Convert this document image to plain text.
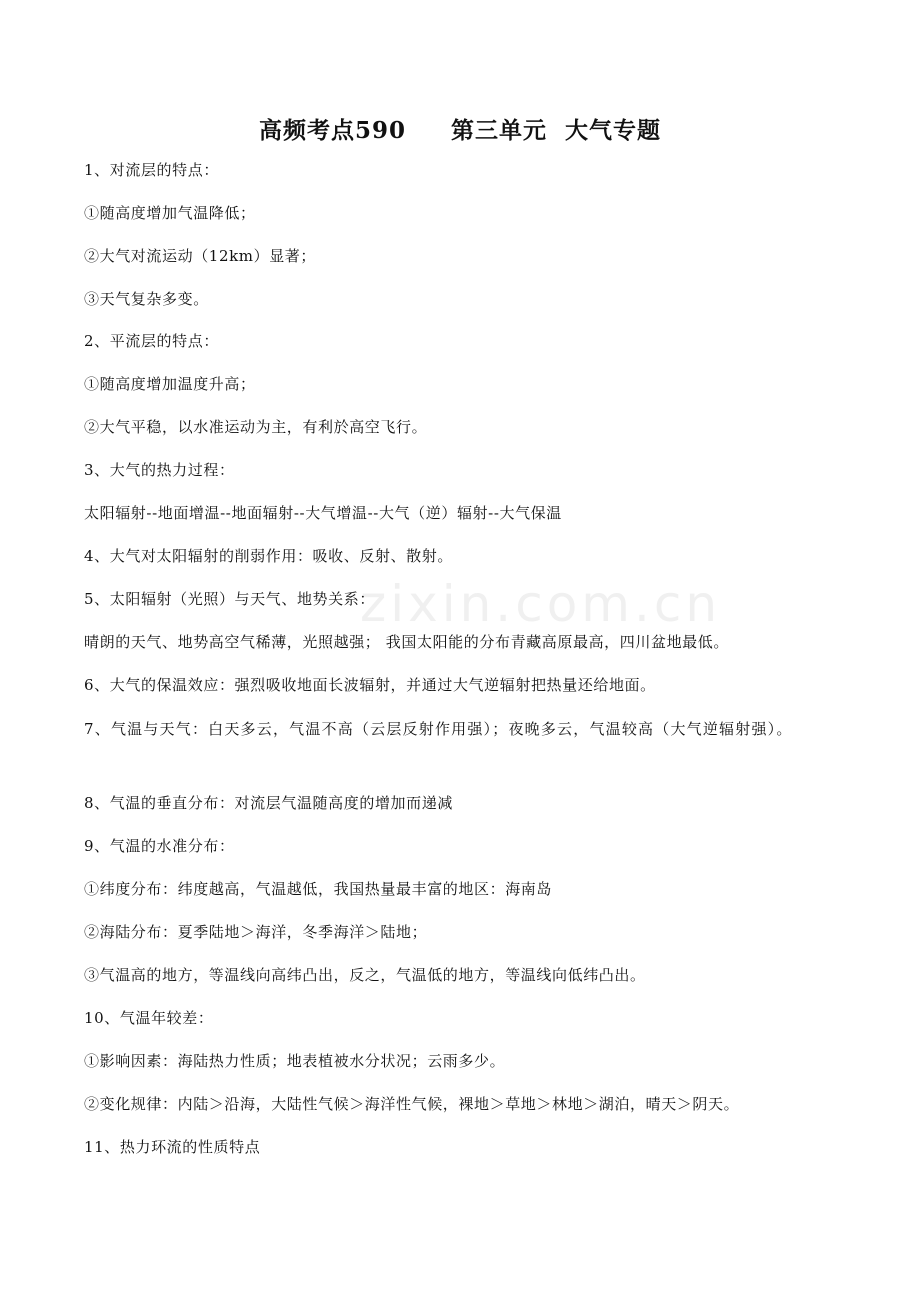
zixin.com.cn
高频考点590     第三单元  大气专题
1、对流层的特点：
①随高度增加气温降低；
②大气对流运动（12km）显著；
③天气复杂多变。
2、平流层的特点：
①随高度增加温度升高；
②大气平稳，以水准运动为主，有利於高空飞行。
3、大气的热力过程：
太阳辐射--地面增温--地面辐射--大气增温--大气（逆）辐射--大气保温
4、大气对太阳辐射的削弱作用：吸收、反射、散射。
5、太阳辐射（光照）与天气、地势关系：
晴朗的天气、地势高空气稀薄，光照越强； 我国太阳能的分布青藏高原最高，四川盆地最低。
6、大气的保温效应：强烈吸收地面长波辐射，并通过大气逆辐射把热量还给地面。
7、气温与天气：白天多云，气温不高（云层反射作用强）；夜晚多云，气温较高（大气逆辐射强）。
8、气温的垂直分布：对流层气温随高度的增加而递减
9、气温的水准分布：
①纬度分布：纬度越高，气温越低，我国热量最丰富的地区：海南岛
②海陆分布：夏季陆地＞海洋，冬季海洋＞陆地；
③气温高的地方，等温线向高纬凸出，反之，气温低的地方，等温线向低纬凸出。
10、气温年较差：
①影响因素：海陆热力性质；地表植被水分状况；云雨多少。
②变化规律：内陆＞沿海，大陆性气候＞海洋性气候，裸地＞草地＞林地＞湖泊，晴天＞阴天。
11、热力环流的性质特点
